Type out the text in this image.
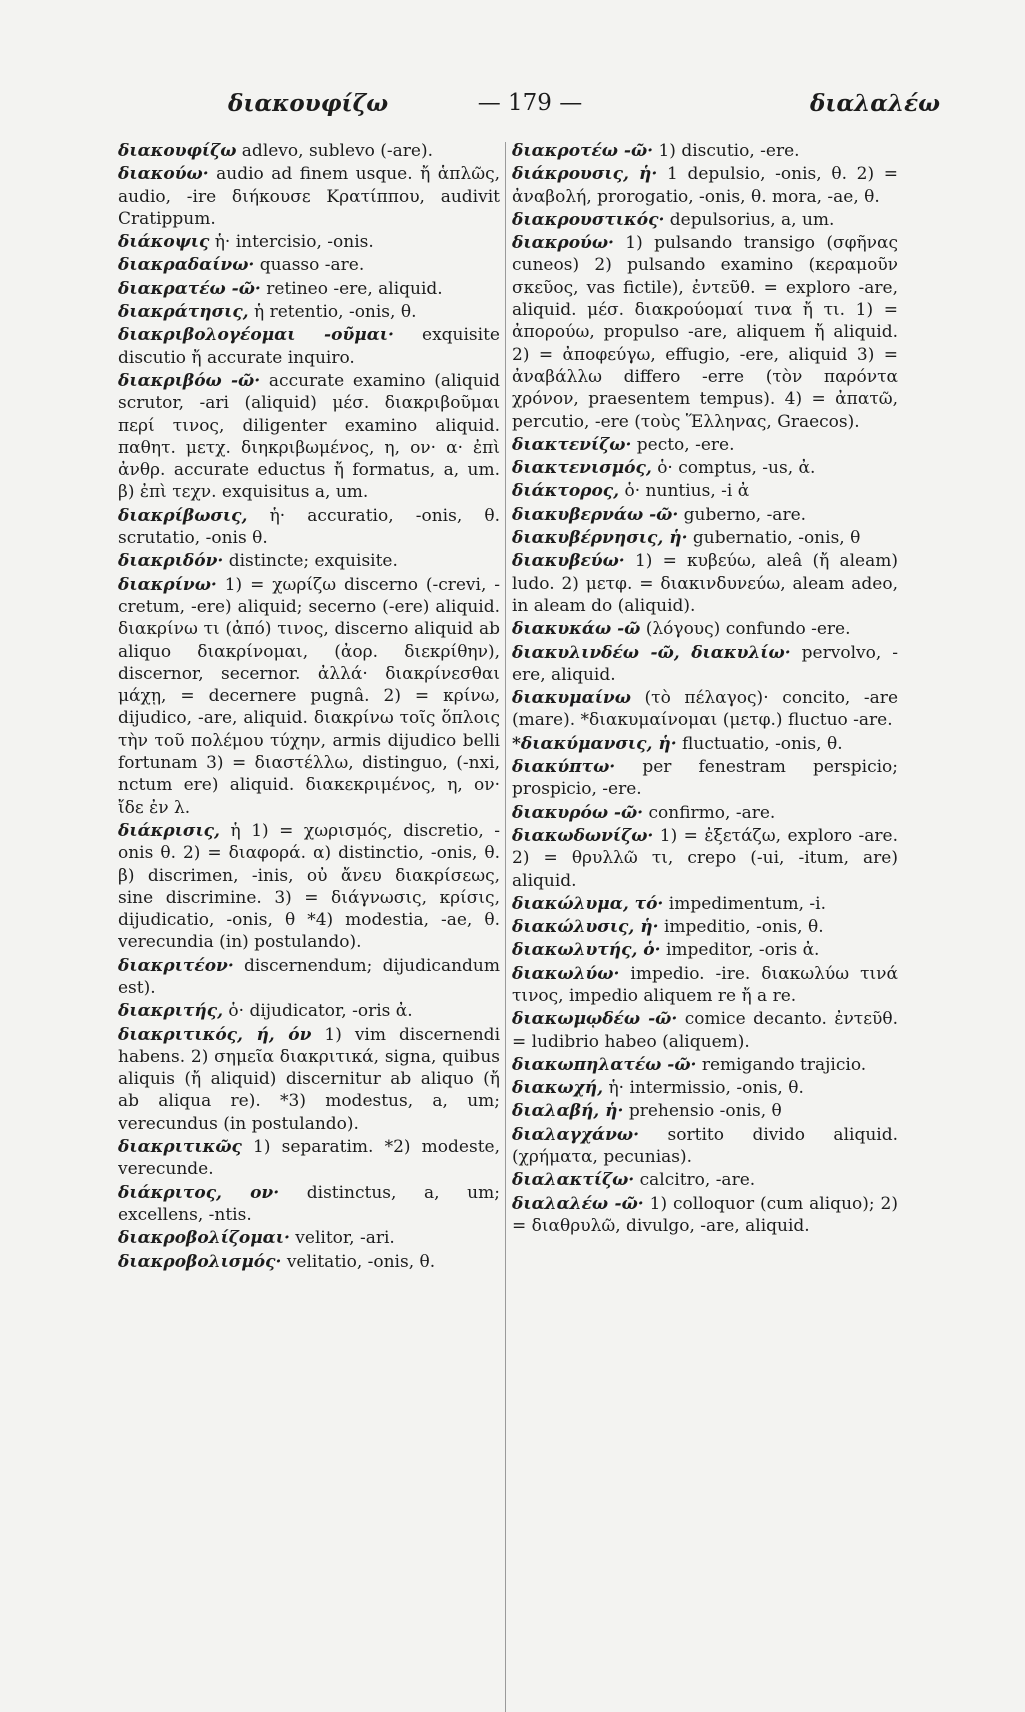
διακουφίζω	— 179 —	διαλαλέω

διακουφίζω adlevo, sublevo (-are).

διακούω· audio ad finem usque. ἤ ἁπλῶς, audio, -ire διήκουσε Κρατίππου, audivit Cratippum.

διάκοψις ἡ· intercisio, -onis.

διακραδαίνω· quasso -are.

διακρατέω -ῶ· retineo -ere, aliquid.

διακράτησις, ἡ retentio, -onis, θ.

διακριβολογέομαι -οῦμαι· exquisite discutio ἤ accurate inquiro.

διακριβόω -ῶ· accurate examino (aliquid scrutor, -ari (aliquid) μέσ. διακριβοῦμαι περί τινος, diligenter examino aliquid. παθητ. μετχ. διηκριβωμένος, η, ον· α· ἐπὶ ἀνθρ. accurate eductus ἤ formatus, a, um. β) ἐπὶ τεχν. exquisitus a, um.

διακρίβωσις, ἡ· accuratio, -onis, θ. scrutatio, -onis θ.

διακριδόν· distincte; exquisite.

διακρίνω· 1) = χωρίζω discerno (-crevi, -cretum, -ere) aliquid; secerno (-ere) aliquid. διακρίνω τι (ἀπό) τινος, discerno aliquid ab aliquo διακρίνομαι, (ἀορ. διεκρίθην), discernor, secernor. ἀλλά· διακρίνεσθαι μάχῃ, = decernere pugnâ. 2) = κρίνω, dijudico, -are, aliquid. διακρίνω τοῖς ὅπλοις τὴν τοῦ πολέμου τύχην, armis dijudico belli fortunam 3) = διαστέλλω, distinguo, (-nxi, nctum ere) aliquid. διακεκριμένος, η, ον· ἴδε ἐν λ.

διάκρισις, ἡ 1) = χωρισμός, discretio, -onis θ. 2) = διαφορά. α) distinctio, -onis, θ. β) discrimen, -inis, οὐ ἄνευ διακρίσεως, sine discrimine. 3) = διάγνωσις, κρίσις, dijudicatio, -onis, θ *4) modestia, -ae, θ. verecundia (in) postulando).

διακριτέον· discernendum; dijudicandum est).

διακριτής, ὁ· dijudicator, -oris ἀ.

διακριτικός, ή, όν 1) vim discernendi habens. 2) σημεῖα διακριτικά, signa, quibus aliquis (ἤ aliquid) discernitur ab aliquo (ἤ ab aliqua re). *3) modestus, a, um; verecundus (in postulando).

διακριτικῶς 1) separatim. *2) modeste, verecunde.

διάκριτος, ον· distinctus, a, um; excellens, -ntis.

διακροβολίζομαι· velitor, -ari.

διακροβολισμός· velitatio, -onis, θ.

διακροτέω -ῶ· 1) discutio, -ere.

διάκρουσις, ἡ· 1 depulsio, -onis, θ. 2) = ἀναβολή, prorogatio, -onis, θ. mora, -ae, θ.

διακρουστικός· depulsorius, a, um.

διακρούω· 1) pulsando transigo (σφῆνας cuneos) 2) pulsando examino (κεραμοῦν σκεῦος, vas fictile), ἐντεῦθ. = exploro -are, aliquid. μέσ. διακρούομαί τινα ἤ τι. 1) = ἀπορούω, propulso -are, aliquem ἤ aliquid. 2) = ἀποφεύγω, effugio, -ere, aliquid 3) = ἀναβάλλω differo -erre (τὸν παρόντα χρόνον, praesentem tempus). 4) = ἀπατῶ, percutio, -ere (τοὺς Ἕλληνας, Graecos).

διακτενίζω· pecto, -ere.

διακτενισμός, ὁ· comptus, -us, ἀ.

διάκτορος, ὁ· nuntius, -i ἀ

διακυβερνάω -ῶ· guberno, -are.

διακυβέρνησις, ἡ· gubernatio, -onis, θ

διακυβεύω· 1) = κυβεύω, aleâ (ἤ aleam) ludo. 2) μετφ. = διακινδυνεύω, aleam adeo, in aleam do (aliquid).

διακυκάω -ῶ (λόγους) confundo -ere.

διακυλινδέω -ῶ, διακυλίω· pervolvo, -ere, aliquid.

διακυμαίνω (τὸ πέλαγος)· concito, -are (mare). *διακυμαίνομαι (μετφ.) fluctuo -are.

*διακύμανσις, ἡ· fluctuatio, -onis, θ.

διακύπτω· per fenestram perspicio; prospicio, -ere.

διακυρόω -ῶ· confirmo, -are.

διακωδωνίζω· 1) = ἐξετάζω, exploro -are. 2) = θρυλλῶ τι, crepo (-ui, -itum, are) aliquid.

διακώλυμα, τό· impedimentum, -i.

διακώλυσις, ἡ· impeditio, -onis, θ.

διακωλυτής, ὁ· impeditor, -oris ἀ.

διακωλύω· impedio. -ire. διακωλύω τινά τινος, impedio aliquem re ἤ a re.

διακωμῳδέω -ῶ· comice decanto. ἐντεῦθ. = ludibrio habeo (aliquem).

διακωπηλατέω -ῶ· remigando trajicio.

διακωχή, ἡ· intermissio, -onis, θ.

διαλαβή, ἡ· prehensio -onis, θ

διαλαγχάνω· sortito divido aliquid. (χρήματα, pecunias).

διαλακτίζω· calcitro, -are.

διαλαλέω -ῶ· 1) colloquor (cum aliquo); 2) = διαθρυλῶ, divulgo, -are, aliquid.
